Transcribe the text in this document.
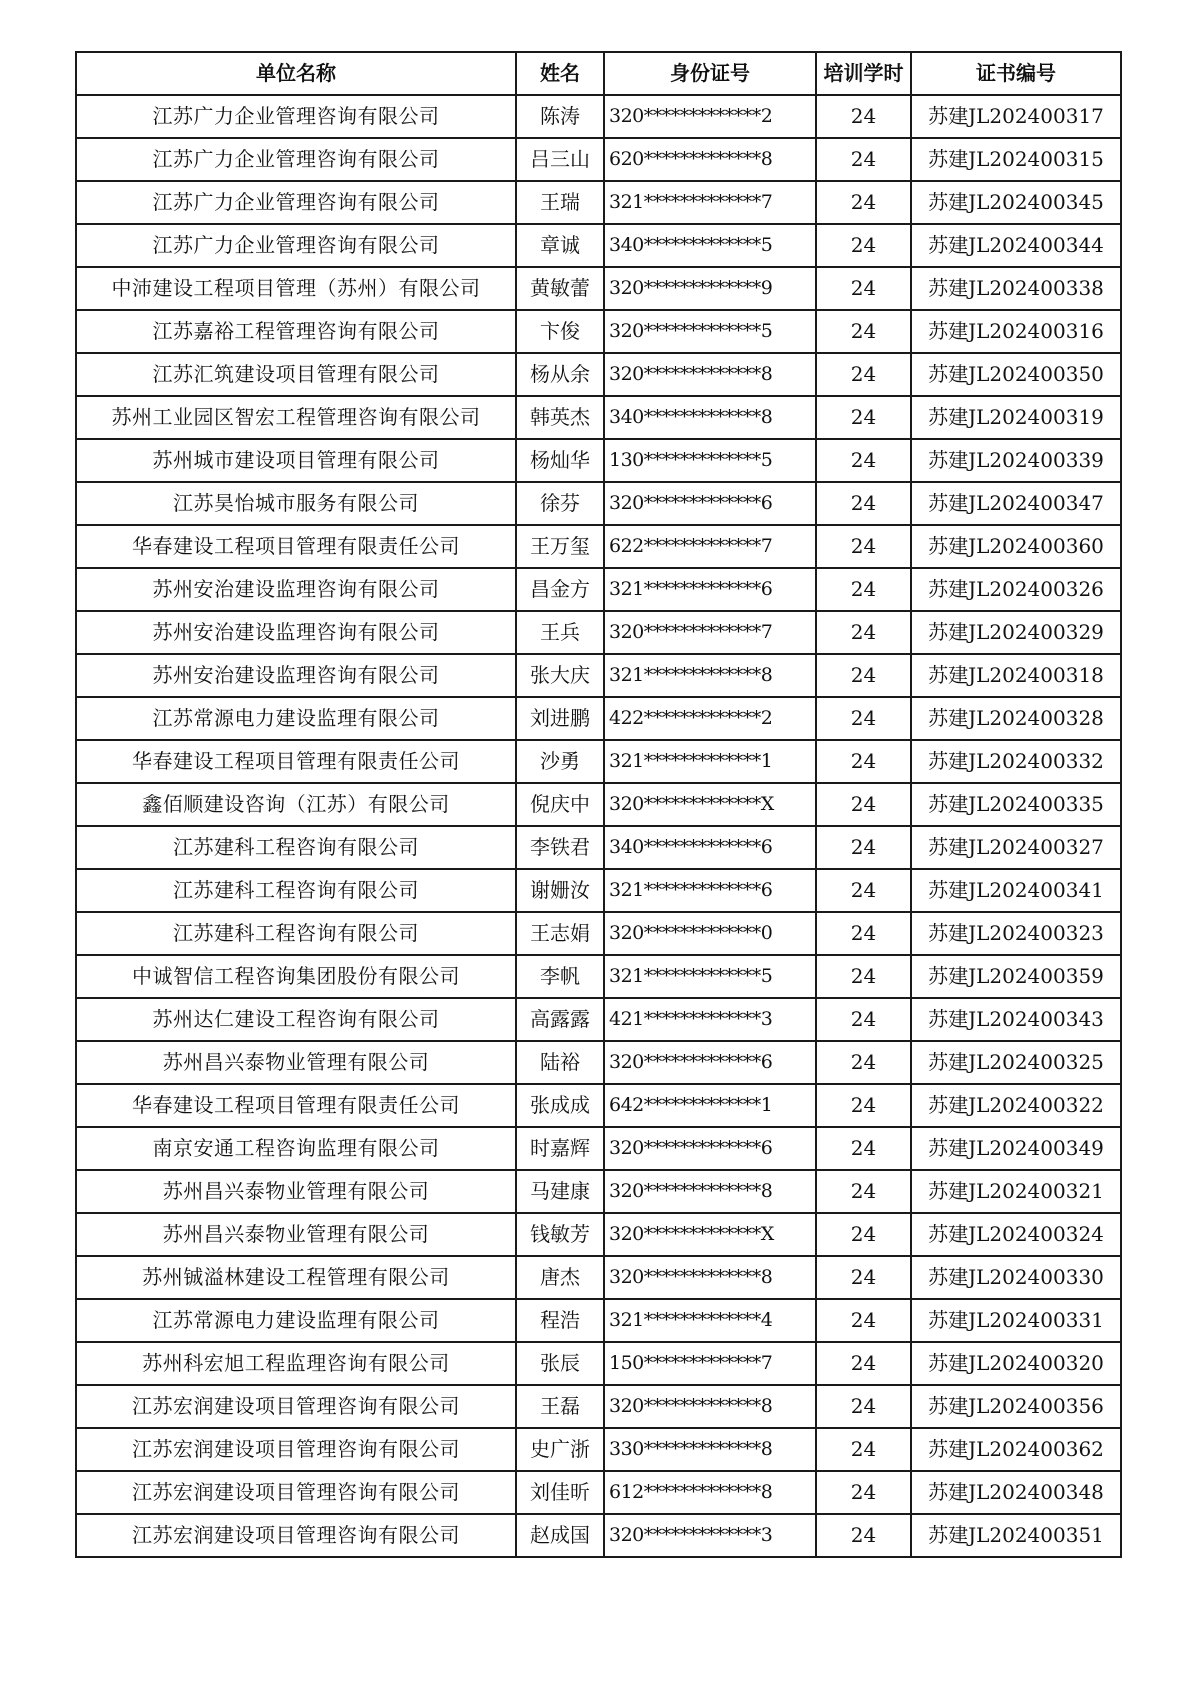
单位名称	姓名	身份证号	培训学时	证书编号
江苏广力企业管理咨询有限公司	陈涛	320*************2	24	苏建JL202400317
江苏广力企业管理咨询有限公司	吕三山	620*************8	24	苏建JL202400315
江苏广力企业管理咨询有限公司	王瑞	321*************7	24	苏建JL202400345
江苏广力企业管理咨询有限公司	章诚	340*************5	24	苏建JL202400344
中沛建设工程项目管理（苏州）有限公司	黄敏蕾	320*************9	24	苏建JL202400338
江苏嘉裕工程管理咨询有限公司	卞俊	320*************5	24	苏建JL202400316
江苏汇筑建设项目管理有限公司	杨从余	320*************8	24	苏建JL202400350
苏州工业园区智宏工程管理咨询有限公司	韩英杰	340*************8	24	苏建JL202400319
苏州城市建设项目管理有限公司	杨灿华	130*************5	24	苏建JL202400339
江苏昊怡城市服务有限公司	徐芬	320*************6	24	苏建JL202400347
华春建设工程项目管理有限责任公司	王万玺	622*************7	24	苏建JL202400360
苏州安治建设监理咨询有限公司	昌金方	321*************6	24	苏建JL202400326
苏州安治建设监理咨询有限公司	王兵	320*************7	24	苏建JL202400329
苏州安治建设监理咨询有限公司	张大庆	321*************8	24	苏建JL202400318
江苏常源电力建设监理有限公司	刘进鹏	422*************2	24	苏建JL202400328
华春建设工程项目管理有限责任公司	沙勇	321*************1	24	苏建JL202400332
鑫佰顺建设咨询（江苏）有限公司	倪庆中	320*************X	24	苏建JL202400335
江苏建科工程咨询有限公司	李铁君	340*************6	24	苏建JL202400327
江苏建科工程咨询有限公司	谢姗汝	321*************6	24	苏建JL202400341
江苏建科工程咨询有限公司	王志娟	320*************0	24	苏建JL202400323
中诚智信工程咨询集团股份有限公司	李帆	321*************5	24	苏建JL202400359
苏州达仁建设工程咨询有限公司	高露露	421*************3	24	苏建JL202400343
苏州昌兴泰物业管理有限公司	陆裕	320*************6	24	苏建JL202400325
华春建设工程项目管理有限责任公司	张成成	642*************1	24	苏建JL202400322
南京安通工程咨询监理有限公司	时嘉辉	320*************6	24	苏建JL202400349
苏州昌兴泰物业管理有限公司	马建康	320*************8	24	苏建JL202400321
苏州昌兴泰物业管理有限公司	钱敏芳	320*************X	24	苏建JL202400324
苏州铖溢林建设工程管理有限公司	唐杰	320*************8	24	苏建JL202400330
江苏常源电力建设监理有限公司	程浩	321*************4	24	苏建JL202400331
苏州科宏旭工程监理咨询有限公司	张辰	150*************7	24	苏建JL202400320
江苏宏润建设项目管理咨询有限公司	王磊	320*************8	24	苏建JL202400356
江苏宏润建设项目管理咨询有限公司	史广浙	330*************8	24	苏建JL202400362
江苏宏润建设项目管理咨询有限公司	刘佳昕	612*************8	24	苏建JL202400348
江苏宏润建设项目管理咨询有限公司	赵成国	320*************3	24	苏建JL202400351
